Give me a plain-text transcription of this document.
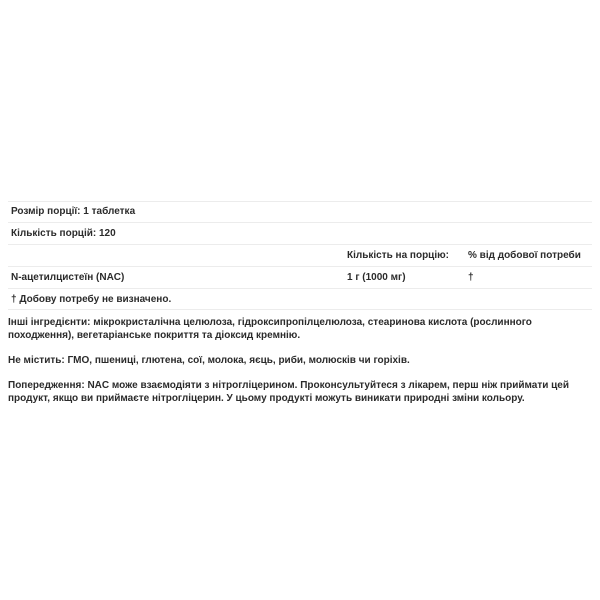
Розмір порції: 1 таблетка
Кількість порцій: 120
Кількість на порцію: % від добової потреби
N-ацетилцистеїн (NAC)	1 г (1000 мг)	†
† Добову потребу не визначено.

Інші інгредієнти: мікрокристалічна целюлоза, гідроксипропілцелюлоза, стеаринова кислота (рослинного походження), вегетаріанське покриття та діоксид кремнію.

Не містить: ГМО, пшениці, глютена, сої, молока, яєць, риби, молюсків чи горіхів.

Попередження: NAC може взаємодіяти з нітрогліцерином. Проконсультуйтеся з лікарем, перш ніж приймати цей продукт, якщо ви приймаєте нітрогліцерин. У цьому продукті можуть виникати природні зміни кольору.
